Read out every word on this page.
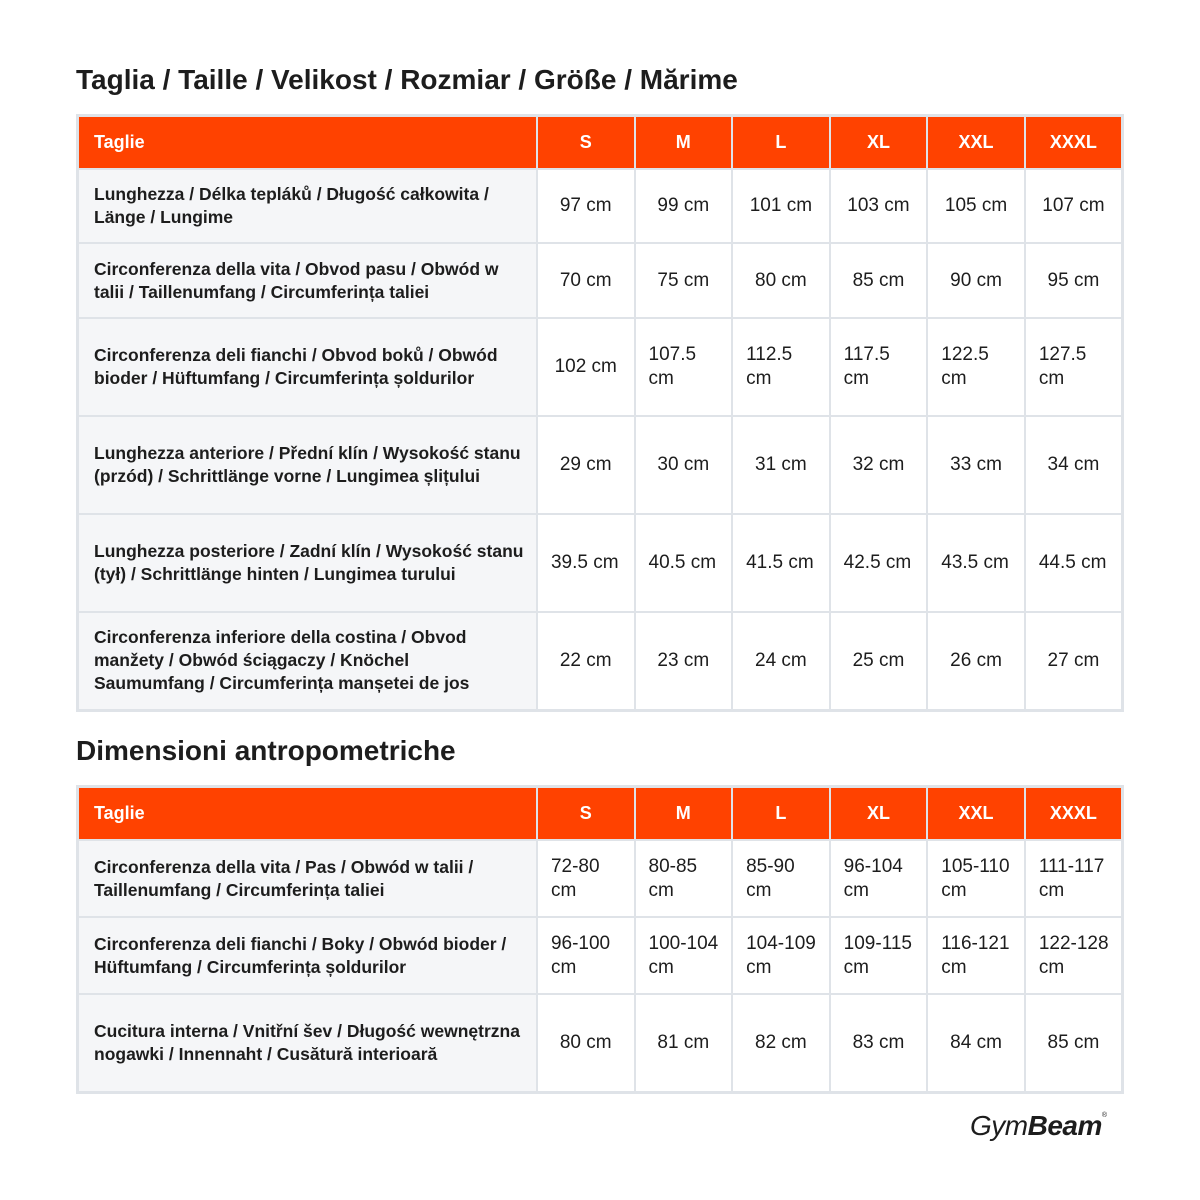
Taglia / Taille / Velikost / Rozmiar / Größe / Mărime
Taglie	S	M	L	XL	XXL	XXXL
Lunghezza / Délka tepláků / Długość całkowita / Länge / Lungime	97 cm	99 cm	101 cm	103 cm	105 cm	107 cm
Circonferenza della vita / Obvod pasu / Obwód w talii / Taillenumfang / Circumferința taliei	70 cm	75 cm	80 cm	85 cm	90 cm	95 cm
Circonferenza deli fianchi / Obvod boků / Obwód bioder / Hüftumfang / Circumferința șoldurilor	102 cm	107.5 cm	112.5 cm	117.5 cm	122.5 cm	127.5 cm
Lunghezza anteriore / Přední klín / Wysokość stanu (przód) / Schrittlänge vorne / Lungimea șlițului	29 cm	30 cm	31 cm	32 cm	33 cm	34 cm
Lunghezza posteriore / Zadní klín / Wysokość stanu (tył) / Schrittlänge hinten / Lungimea turului	39.5 cm	40.5 cm	41.5 cm	42.5 cm	43.5 cm	44.5 cm
Circonferenza inferiore della costina / Obvod manžety / Obwód ściągaczy / Knöchel Saumumfang / Circumferința manșetei de jos	22 cm	23 cm	24 cm	25 cm	26 cm	27 cm
Dimensioni antropometriche
Taglie	S	M	L	XL	XXL	XXXL
Circonferenza della vita / Pas / Obwód w talii / Taillenumfang / Circumferința taliei	72-80 cm	80-85 cm	85-90 cm	96-104 cm	105-110 cm	111-117 cm
Circonferenza deli fianchi / Boky / Obwód bioder / Hüftumfang / Circumferința șoldurilor	96-100 cm	100-104 cm	104-109 cm	109-115 cm	116-121 cm	122-128 cm
Cucitura interna / Vnitřní šev / Długość wewnętrzna nogawki / Innennaht / Cusătură interioară	80 cm	81 cm	82 cm	83 cm	84 cm	85 cm
GymBeam®
